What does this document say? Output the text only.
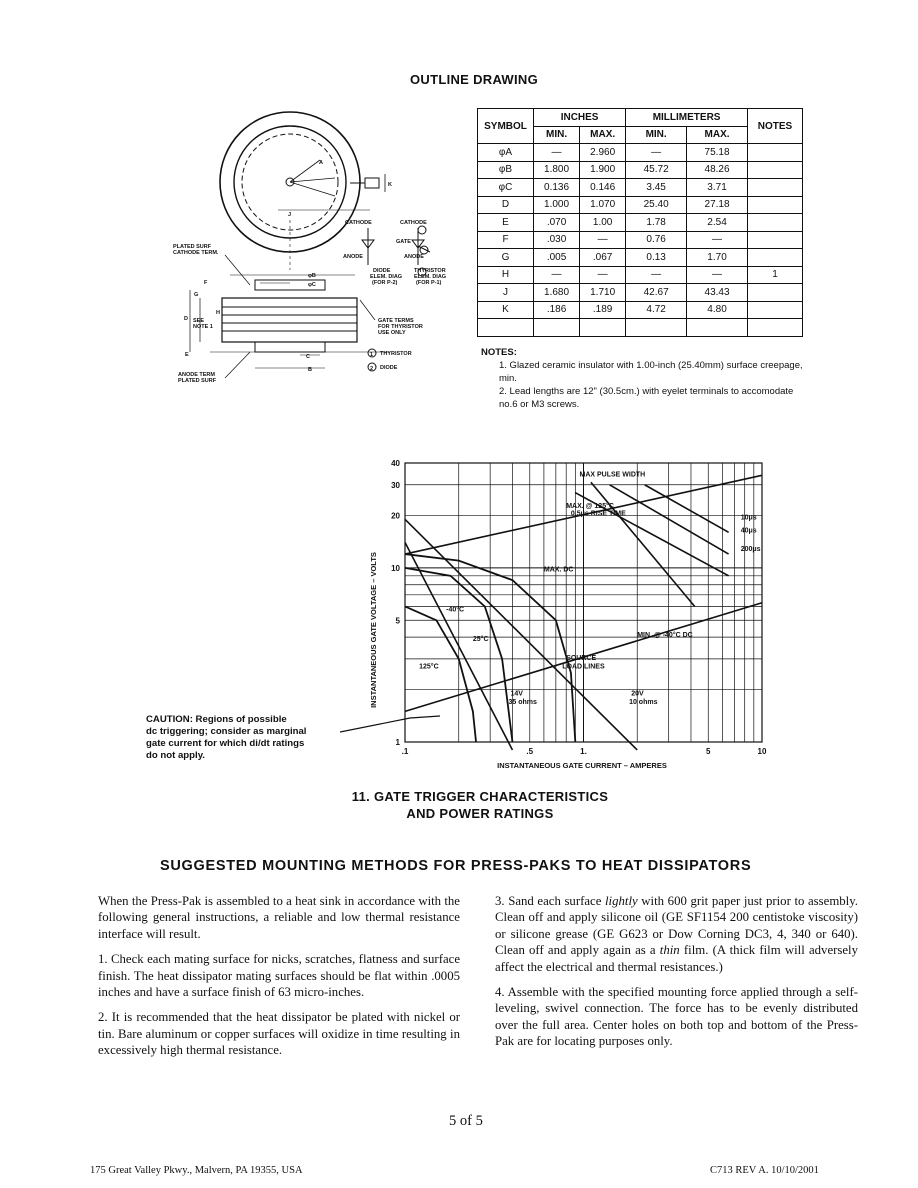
OUTLINE DRAWING
PLATED SURF
CATHODE TERM.
CATHODE	CATHODE
GATE
ANODE	ANODE
DIODE
ELEM. DIAG
(FOR P-2)
THYRISTOR
ELEM. DIAG
(FOR P-1)
GATE TERMS
FOR THYRISTOR
USE ONLY
SEE
NOTE 1
THYRISTOR
DIODE
ANODE TERM
PLATED SURF
φB
φC
A
B
C
D
E
F
G
H
J
K
1
2
SYMBOL	INCHES		MILLIMETERS		NOTES
	MIN.	MAX.	MIN.	MAX.	
φA	—	2.960	—	75.18	
φB	1.800	1.900	45.72	48.26	
φC	0.136	0.146	3.45	3.71	
D	1.000	1.070	25.40	27.18	
E	.070	1.00	1.78	2.54	
F	.030	—	0.76	—	
G	.005	.067	0.13	1.70	
H	—	—	—	—	1
J	1.680	1.710	42.67	43.43	
K	.186	.189	4.72	4.80	

NOTES:
1. Glazed ceramic insulator with 1.00-inch (25.40mm) surface creepage, min.
2. Lead lengths are 12" (30.5cm.) with eyelet terminals to accomodate no.6 or M3 screws.
.1	.5	1.	5	10
1
5
10
20
30
40
MAX PULSE WIDTH
MAX. @ 125°C
0.5μs RISE TIME
MAX. DC
10μs
40μs
200μs
-40°C
25°C
125°C
MIN. @ -40°C DC
SOURCE
LOAD LINES
14V
35 ohms
20V
10 ohms
INSTANTANEOUS GATE CURRENT – AMPERES
INSTANTANEOUS GATE VOLTAGE – VOLTS
CAUTION: Regions of possible
dc triggering; consider as marginal
gate current for which di/dt ratings
do not apply.
11. GATE TRIGGER CHARACTERISTICS
AND POWER RATINGS
SUGGESTED MOUNTING METHODS FOR PRESS-PAKS TO HEAT DISSIPATORS

When the Press-Pak is assembled to a heat sink in accordance with the following general instructions, a reliable and low thermal resistance interface will result.

1. Check each mating surface for nicks, scratches, flatness and surface finish. The heat dissipator mating surfaces should be flat within .0005 inches and have a surface finish of 63 micro-inches.

2. It is recommended that the heat dissipator be plated with nickel or tin. Bare aluminum or copper surfaces will oxidize in time resulting in excessively high thermal resistance.

3. Sand each surface lightly with 600 grit paper just prior to assembly. Clean off and apply silicone oil (GE SF1154 200 centistoke viscosity) or silicone grease (GE G623 or Dow Corning DC3, 4, 340 or 640). Clean off and apply again as a thin film. (A thick film will adversely affect the electrical and thermal resistances.)

4. Assemble with the specified mounting force applied through a self-leveling, swivel connection. The force has to be evenly distributed over the full area. Center holes on both top and bottom of the Press-Pak are for locating purposes only.

5 of 5
175 Great Valley Pkwy., Malvern, PA 19355, USA	C713 REV A. 10/10/2001
